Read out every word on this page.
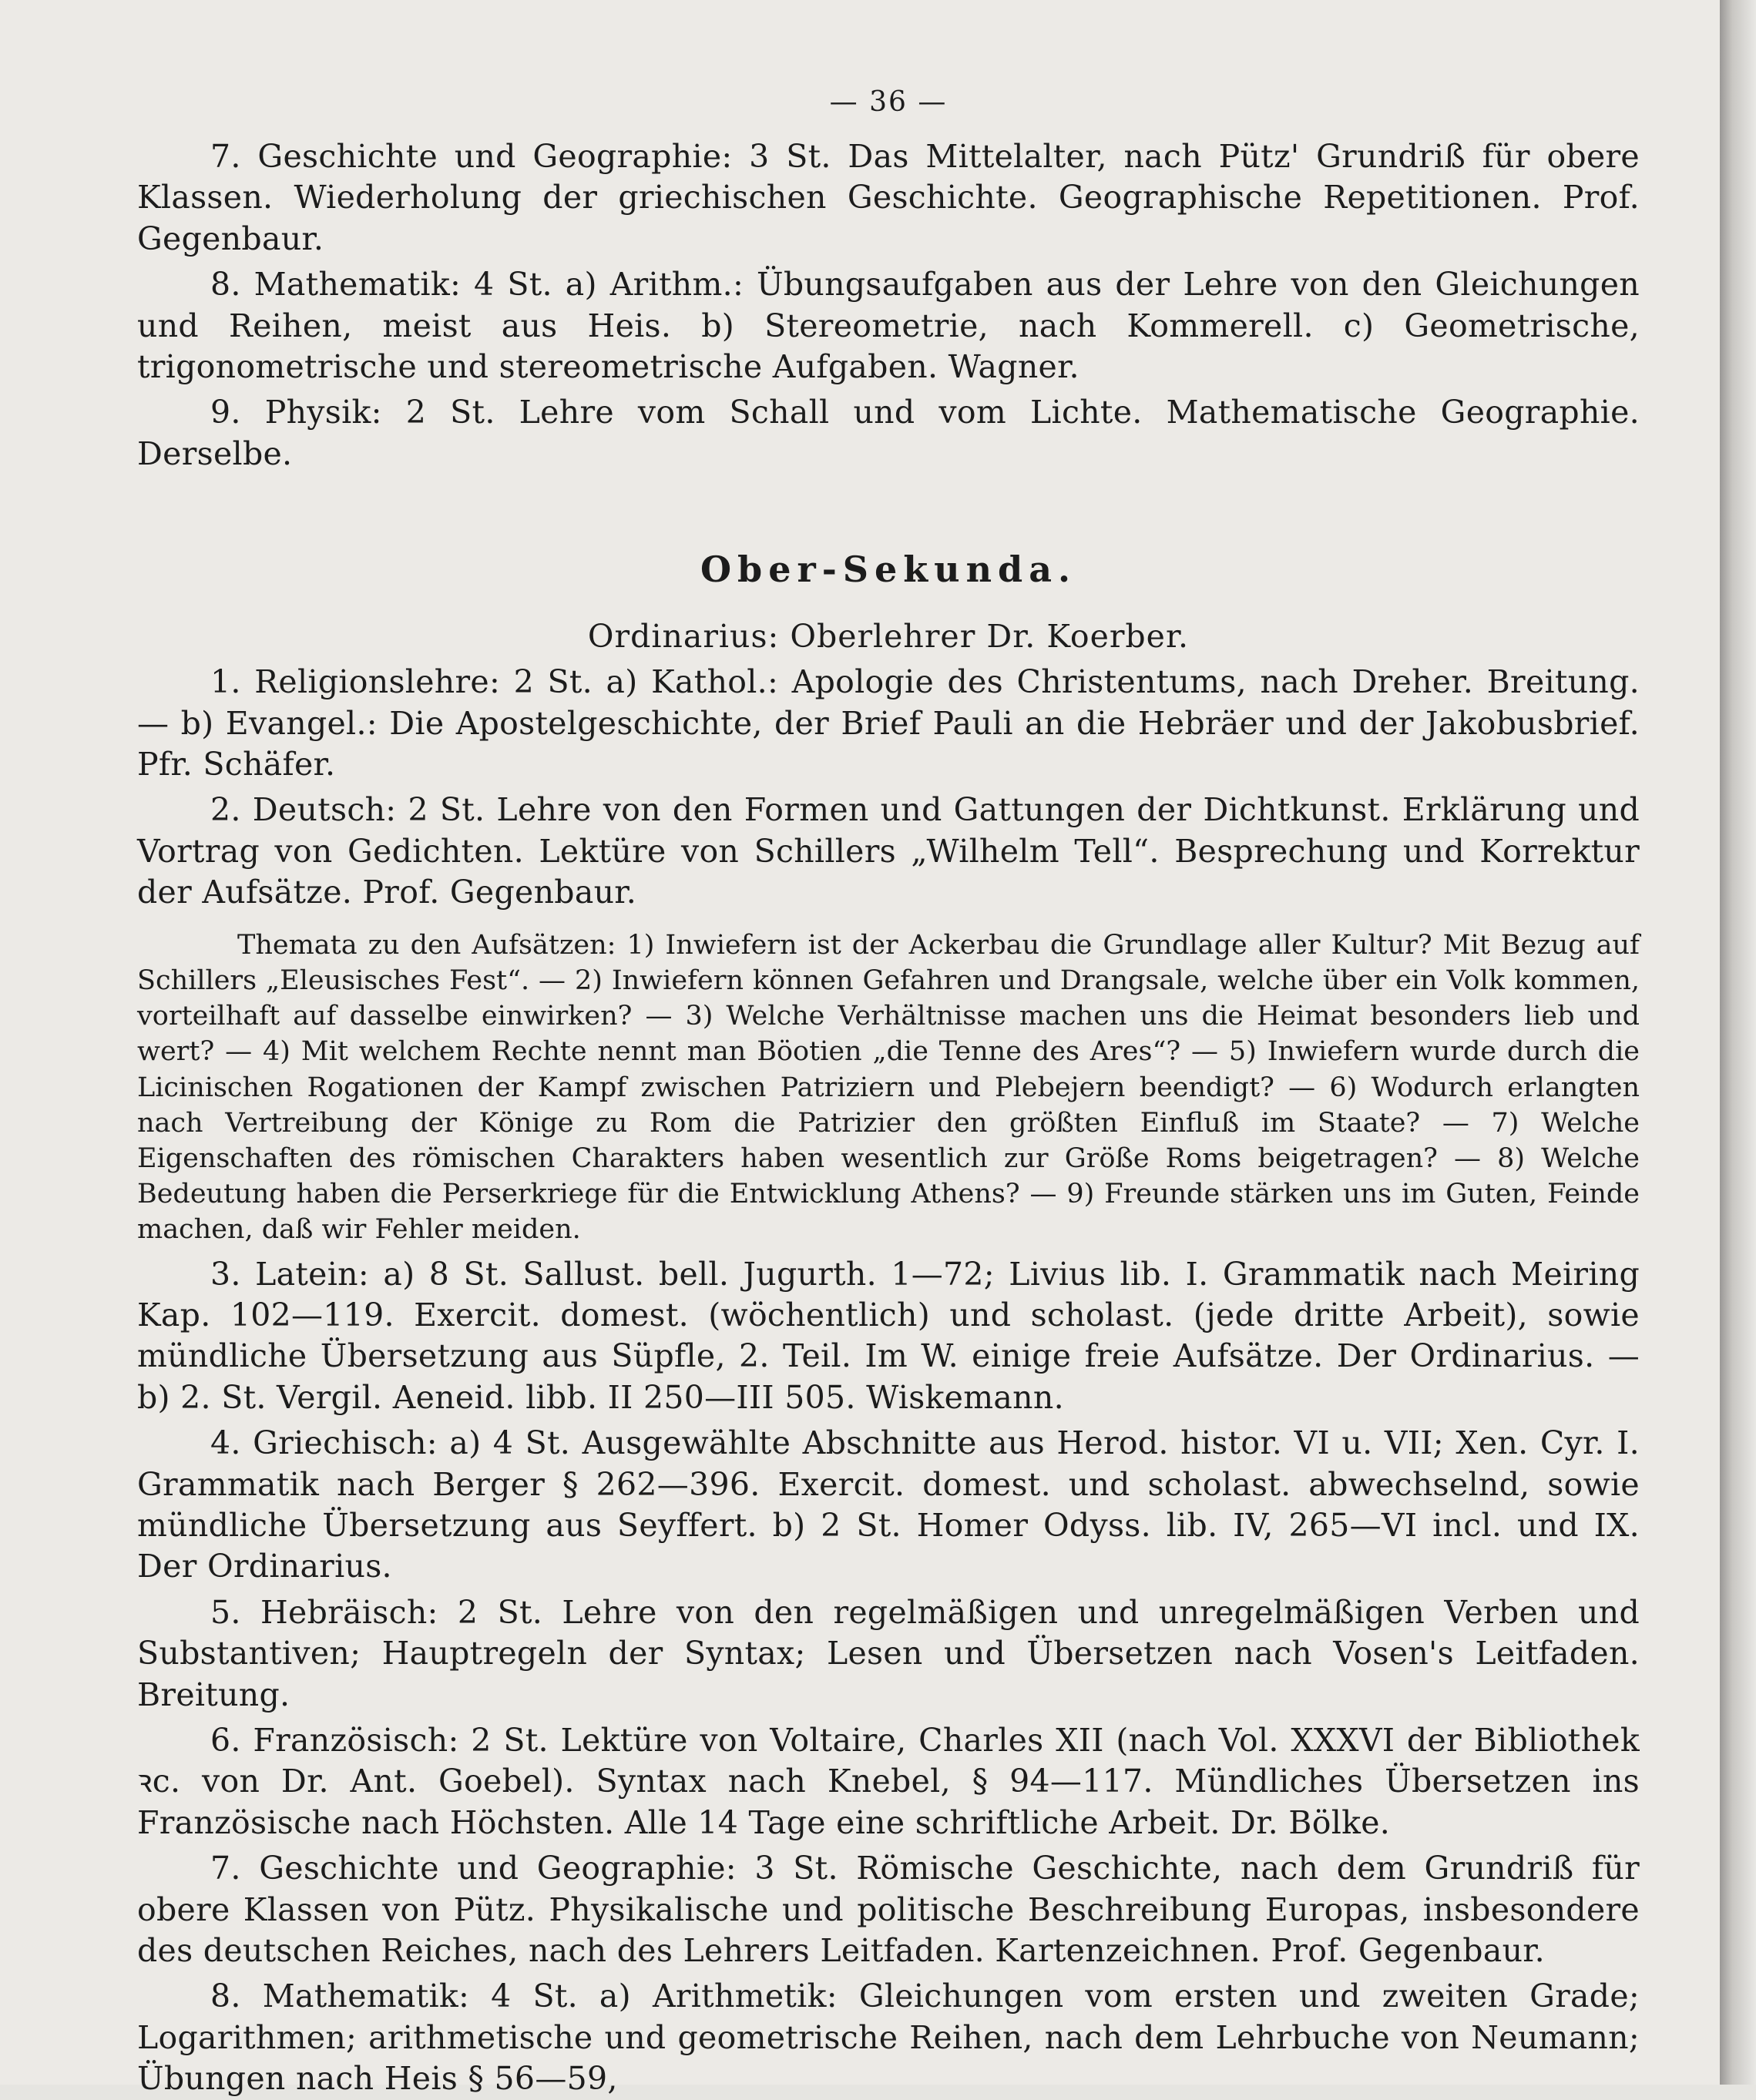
— 36 —

7. Geschichte und Geographie: 3 St. Das Mittelalter, nach Pütz' Grundriß für obere Klassen. Wiederholung der griechischen Geschichte. Geographische Repetitionen. Prof. Gegenbaur.

8. Mathematik: 4 St. a) Arithm.: Übungsaufgaben aus der Lehre von den Gleichungen und Reihen, meist aus Heis. b) Stereometrie, nach Kommerell. c) Geometrische, trigonometrische und stereometrische Aufgaben. Wagner.

9. Physik: 2 St. Lehre vom Schall und vom Lichte. Mathematische Geographie. Derselbe.

Ober-Sekunda.
Ordinarius: Oberlehrer Dr. Koerber.

1. Religionslehre: 2 St. a) Kathol.: Apologie des Christentums, nach Dreher. Breitung. — b) Evangel.: Die Apostelgeschichte, der Brief Pauli an die Hebräer und der Jakobusbrief. Pfr. Schäfer.

2. Deutsch: 2 St. Lehre von den Formen und Gattungen der Dichtkunst. Erklärung und Vortrag von Gedichten. Lektüre von Schillers „Wilhelm Tell“. Besprechung und Korrektur der Aufsätze. Prof. Gegenbaur.

Themata zu den Aufsätzen: 1) Inwiefern ist der Ackerbau die Grundlage aller Kultur? Mit Bezug auf Schillers „Eleusisches Fest“. — 2) Inwiefern können Gefahren und Drangsale, welche über ein Volk kommen, vorteilhaft auf dasselbe einwirken? — 3) Welche Verhältnisse machen uns die Heimat besonders lieb und wert? — 4) Mit welchem Rechte nennt man Böotien „die Tenne des Ares“? — 5) Inwiefern wurde durch die Licinischen Rogationen der Kampf zwischen Patriziern und Plebejern beendigt? — 6) Wodurch erlangten nach Vertreibung der Könige zu Rom die Patrizier den größten Einfluß im Staate? — 7) Welche Eigenschaften des römischen Charakters haben wesentlich zur Größe Roms beigetragen? — 8) Welche Bedeutung haben die Perserkriege für die Entwicklung Athens? — 9) Freunde stärken uns im Guten, Feinde machen, daß wir Fehler meiden.

3. Latein: a) 8 St. Sallust. bell. Jugurth. 1—72; Livius lib. I. Grammatik nach Meiring Kap. 102—119. Exercit. domest. (wöchentlich) und scholast. (jede dritte Arbeit), sowie mündliche Übersetzung aus Süpfle, 2. Teil. Im W. einige freie Aufsätze. Der Ordinarius. — b) 2. St. Vergil. Aeneid. libb. II 250—III 505. Wiskemann.

4. Griechisch: a) 4 St. Ausgewählte Abschnitte aus Herod. histor. VI u. VII; Xen. Cyr. I. Grammatik nach Berger § 262—396. Exercit. domest. und scholast. abwechselnd, sowie mündliche Übersetzung aus Seyffert. b) 2 St. Homer Odyss. lib. IV, 265—VI incl. und IX. Der Ordinarius.

5. Hebräisch: 2 St. Lehre von den regelmäßigen und unregelmäßigen Verben und Substantiven; Hauptregeln der Syntax; Lesen und Übersetzen nach Vosen's Leitfaden. Breitung.

6. Französisch: 2 St. Lektüre von Voltaire, Charles XII (nach Vol. XXXVI der Bibliothek ꝛc. von Dr. Ant. Goebel). Syntax nach Knebel, § 94—117. Mündliches Übersetzen ins Französische nach Höchsten. Alle 14 Tage eine schriftliche Arbeit. Dr. Bölke.

7. Geschichte und Geographie: 3 St. Römische Geschichte, nach dem Grundriß für obere Klassen von Pütz. Physikalische und politische Beschreibung Europas, insbesondere des deutschen Reiches, nach des Lehrers Leitfaden. Kartenzeichnen. Prof. Gegenbaur.

8. Mathematik: 4 St. a) Arithmetik: Gleichungen vom ersten und zweiten Grade; Logarithmen; arithmetische und geometrische Reihen, nach dem Lehrbuche von Neumann; Übungen nach Heis § 56—59,
